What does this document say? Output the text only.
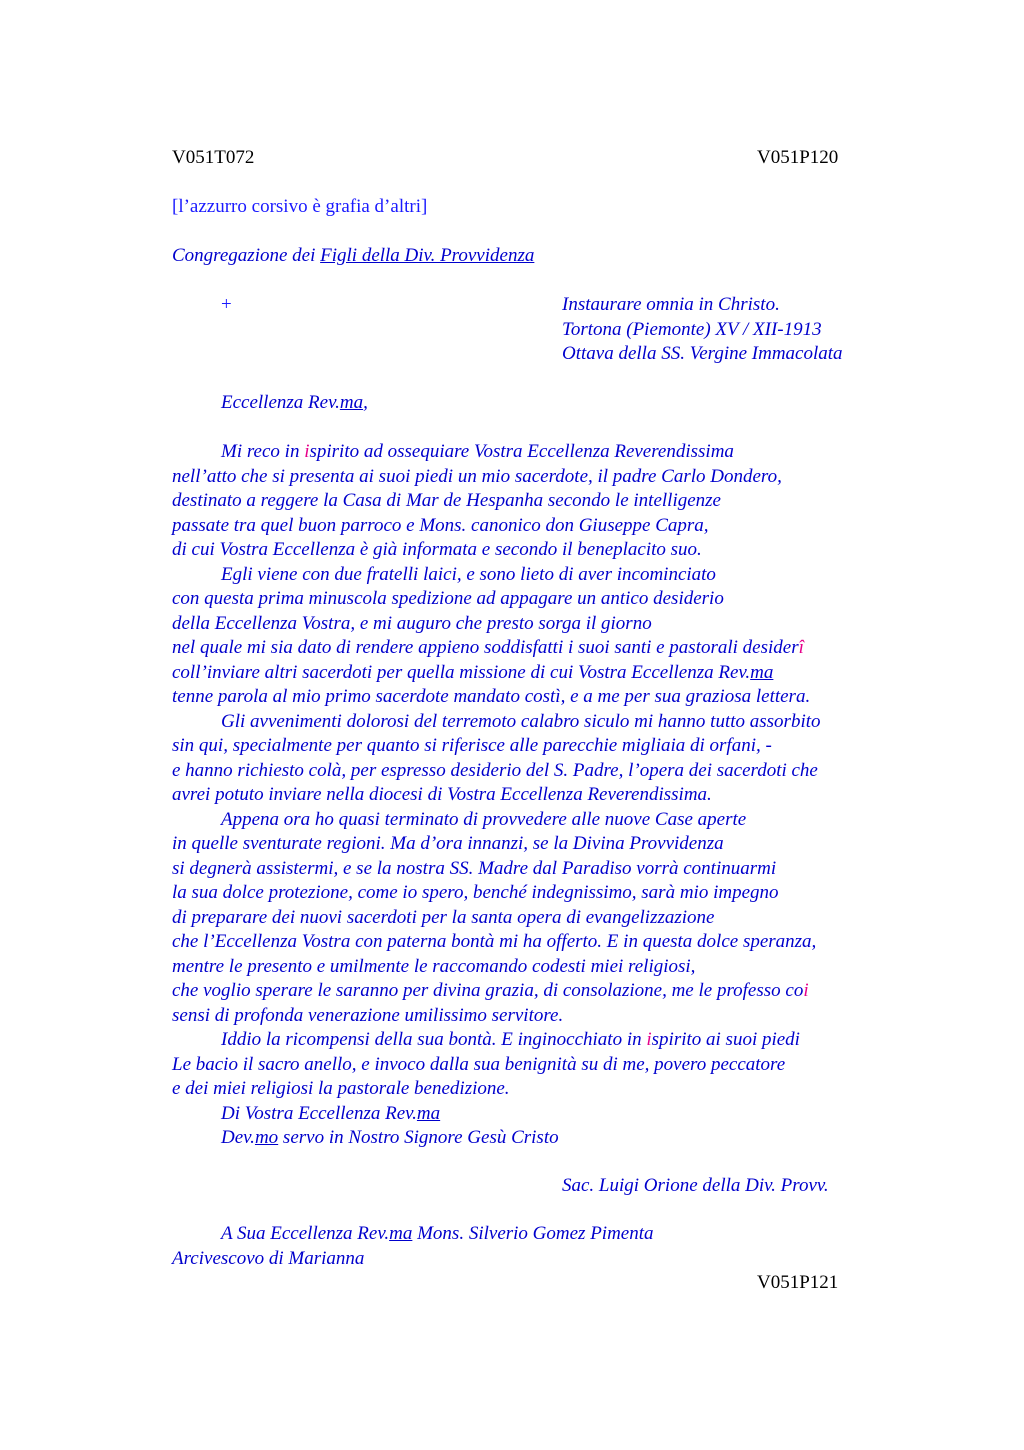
V051T072	V051P120
[l’azzurro corsivo è grafia d’altri]
Congregazione dei Figli della Div. Provvidenza
+	Instaurare omnia in Christo.
Tortona (Piemonte) XV / XII-1913
Ottava della SS. Vergine Immacolata
Eccellenza Rev.ma,
Mi reco in ispirito ad ossequiare Vostra Eccellenza Reverendissima
nell’atto che si presenta ai suoi piedi un mio sacerdote, il padre Carlo Dondero,
destinato a reggere la Casa di Mar de Hespanha secondo le intelligenze
passate tra quel buon parroco e Mons. canonico don Giuseppe Capra,
di cui Vostra Eccellenza è già informata e secondo il beneplacito suo.
Egli viene con due fratelli laici, e sono lieto di aver incominciato
con questa prima minuscola spedizione ad appagare un antico desiderio
della Eccellenza Vostra, e mi auguro che presto sorga il giorno
nel quale mi sia dato di rendere appieno soddisfatti i suoi santi e pastorali desiderî
coll’inviare altri sacerdoti per quella missione di cui Vostra Eccellenza Rev.ma
tenne parola al mio primo sacerdote mandato costì, e a me per sua graziosa lettera.
Gli avvenimenti dolorosi del terremoto calabro siculo mi hanno tutto assorbito
sin qui, specialmente per quanto si riferisce alle parecchie migliaia di orfani, -
e hanno richiesto colà, per espresso desiderio del S. Padre, l’opera dei sacerdoti che
avrei potuto inviare nella diocesi di Vostra Eccellenza Reverendissima.
Appena ora ho quasi terminato di provvedere alle nuove Case aperte
in quelle sventurate regioni. Ma d’ora innanzi, se la Divina Provvidenza
si degnerà assistermi, e se la nostra SS. Madre dal Paradiso vorrà continuarmi
la sua dolce protezione, come io spero, benché indegnissimo, sarà mio impegno
di preparare dei nuovi sacerdoti per la santa opera di evangelizzazione
che l’Eccellenza Vostra con paterna bontà mi ha offerto. E in questa dolce speranza,
mentre le presento e umilmente le raccomando codesti miei religiosi,
che voglio sperare le saranno per divina grazia, di consolazione, me le professo coi
sensi di profonda venerazione umilissimo servitore.
Iddio la ricompensi della sua bontà. E inginocchiato in ispirito ai suoi piedi
Le bacio il sacro anello, e invoco dalla sua benignità su di me, povero peccatore
e dei miei religiosi la pastorale benedizione.
Di Vostra Eccellenza Rev.ma
Dev.mo servo in Nostro Signore Gesù Cristo
Sac. Luigi Orione della Div. Provv.
A Sua Eccellenza Rev.ma Mons. Silverio Gomez Pimenta
Arcivescovo di Marianna
V051P121
